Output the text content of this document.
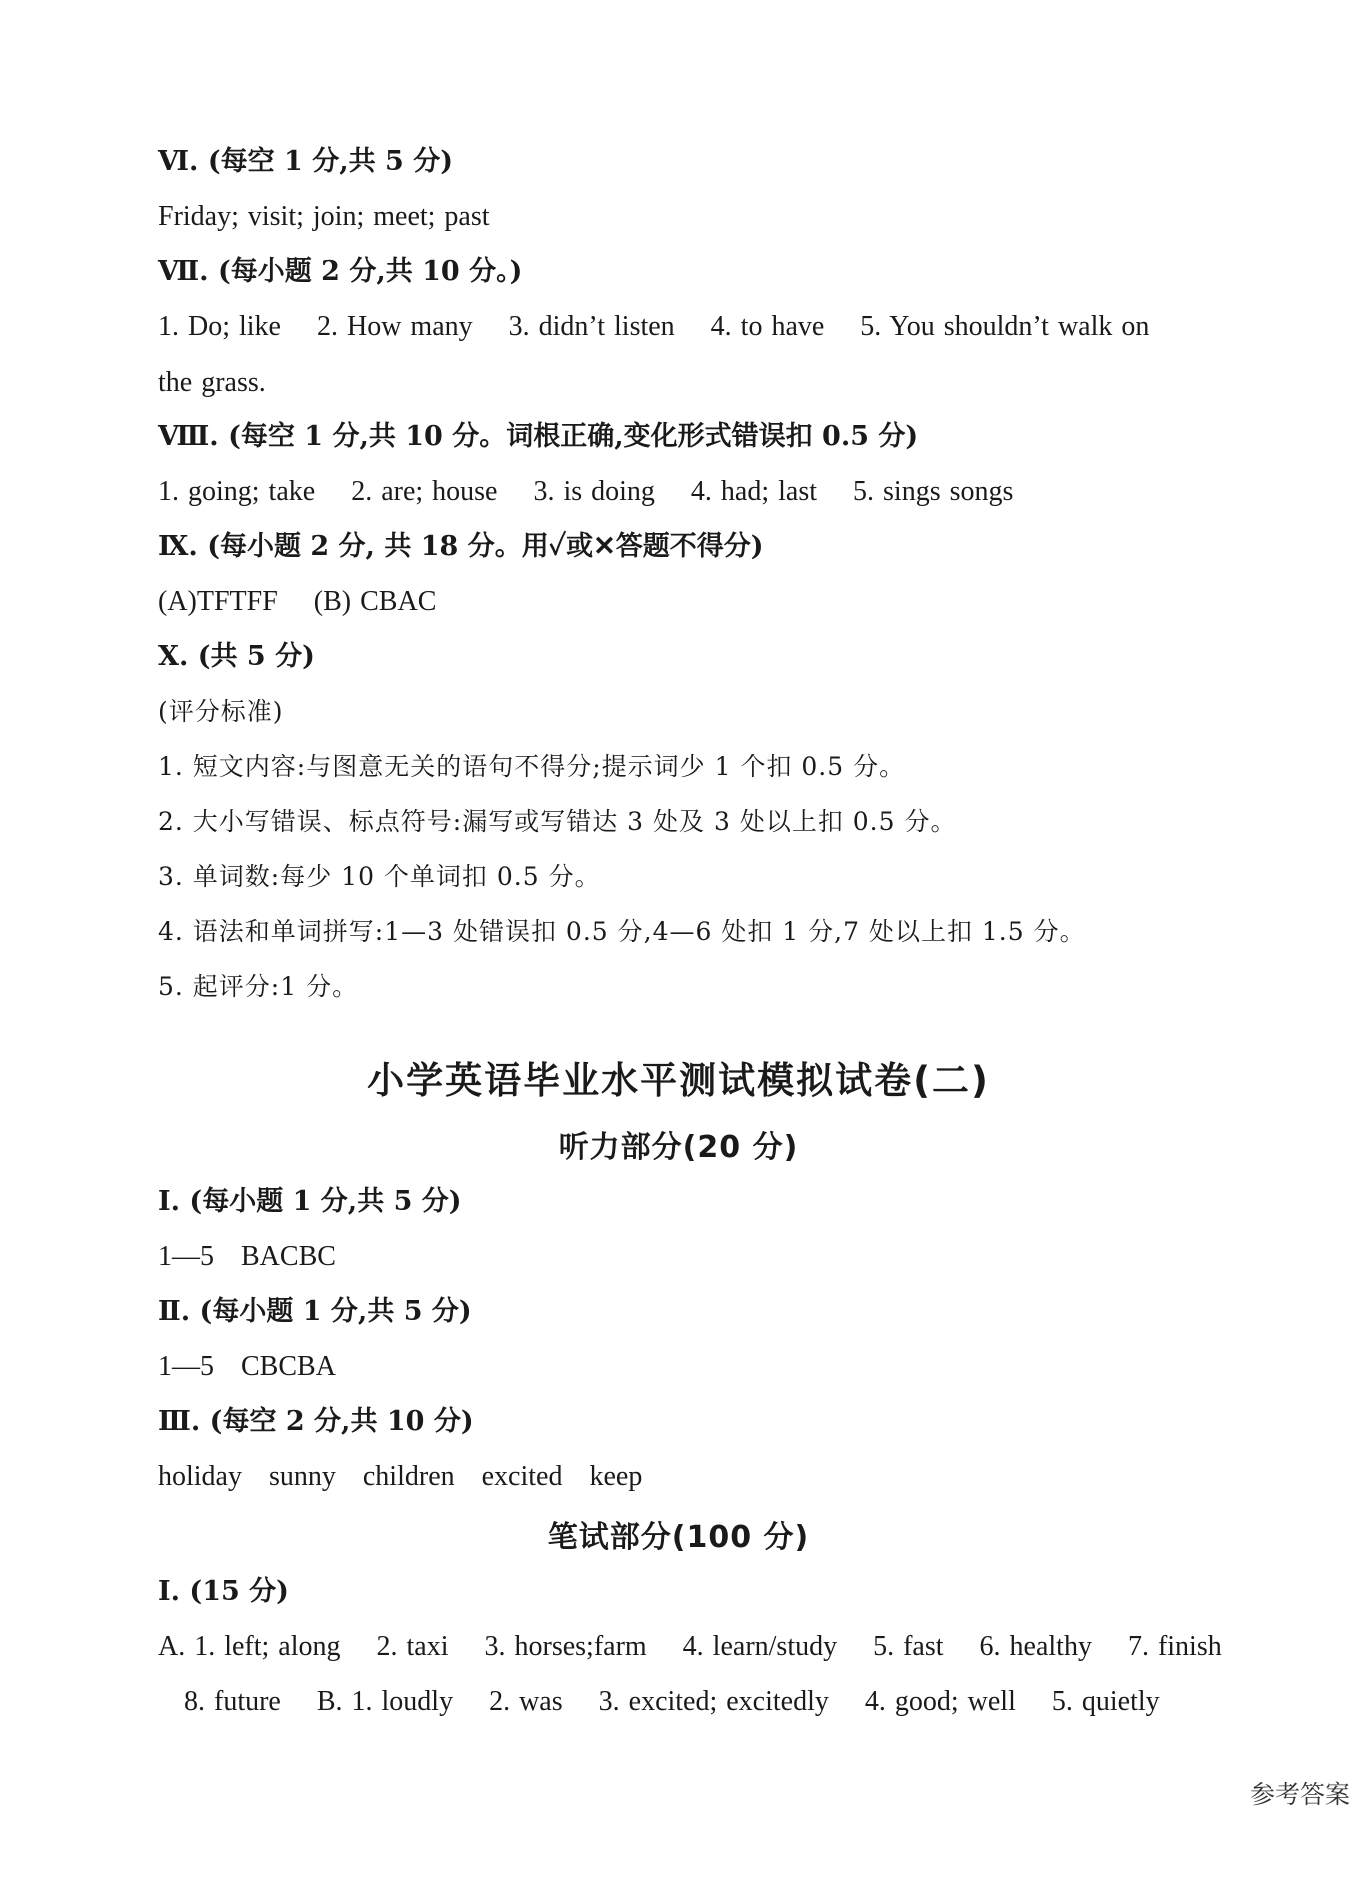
Ⅵ. (每空 1 分,共 5 分)
Friday; visit; join; meet; past
Ⅶ. (每小题 2 分,共 10 分。)
1. Do; like    2. How many    3. didn’t listen    4. to have    5. You shouldn’t walk on
the grass.
Ⅷ. (每空 1 分,共 10 分。词根正确,变化形式错误扣 0.5 分)
1. going; take    2. are; house    3. is doing    4. had; last    5. sings songs
Ⅸ. (每小题 2 分, 共 18 分。用✓或✕答题不得分)
(A)TFTFF    (B) CBAC
Ⅹ. (共 5 分)
(评分标准)
1. 短文内容:与图意无关的语句不得分;提示词少 1 个扣 0.5 分。
2. 大小写错误、标点符号:漏写或写错达 3 处及 3 处以上扣 0.5 分。
3. 单词数:每少 10 个单词扣 0.5 分。
4. 语法和单词拼写:1—3 处错误扣 0.5 分,4—6 处扣 1 分,7 处以上扣 1.5 分。
5. 起评分:1 分。
小学英语毕业水平测试模拟试卷(二)
听力部分(20 分)
Ⅰ. (每小题 1 分,共 5 分)
1—5   BACBC
Ⅱ. (每小题 1 分,共 5 分)
1—5   CBCBA
Ⅲ. (每空 2 分,共 10 分)
holiday   sunny   children   excited   keep
笔试部分(100 分)
Ⅰ. (15 分)
A. 1. left; along    2. taxi    3. horses;farm    4. learn/study    5. fast    6. healthy    7. finish
8. future    B. 1. loudly    2. was    3. excited; excitedly    4. good; well    5. quietly
参考答案
